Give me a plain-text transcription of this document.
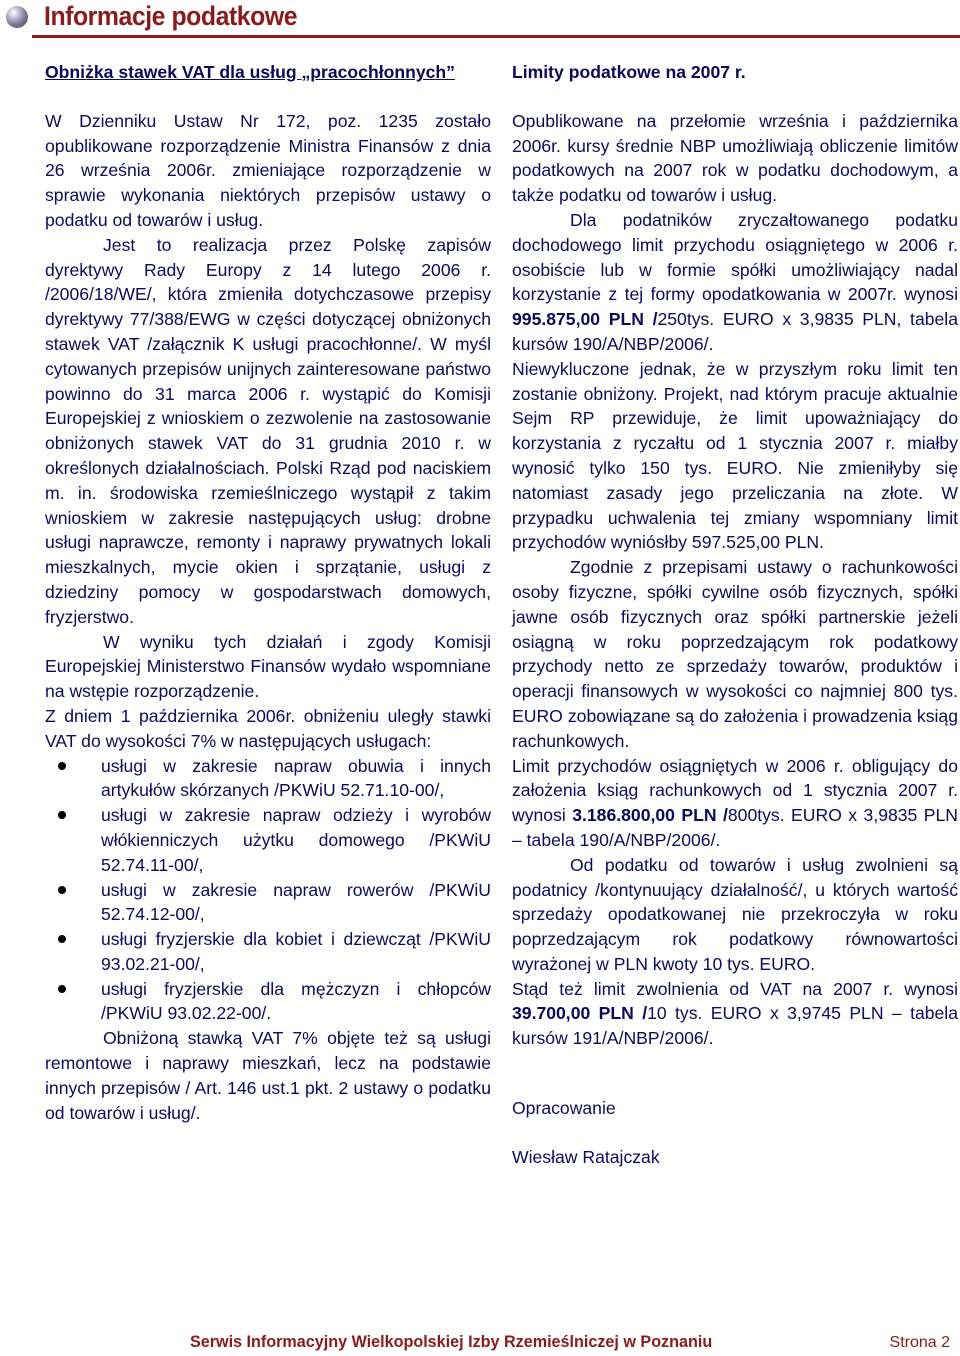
Informacje podatkowe
Obniżka stawek VAT dla usług „pracochłonnych”

W Dzienniku Ustaw Nr 172, poz. 1235 zostało opublikowane rozporządzenie Ministra Finansów z dnia 26 września 2006r. zmieniające rozporządzenie w sprawie wykonania niektórych przepisów ustawy o podatku od towarów i usług.

Jest to realizacja przez Polskę zapisów dyrektywy Rady Europy z 14 lutego 2006 r. /2006/18/WE/, która zmieniła dotychczasowe przepisy dyrektywy 77/388/EWG w części dotyczącej obniżonych stawek VAT /załącznik K usługi pracochłonne/. W myśl cytowanych przepisów unijnych zainteresowane państwo powinno do 31 marca 2006 r. wystąpić do Komisji Europejskiej z wnioskiem o zezwolenie na zastosowanie obniżonych stawek VAT do 31 grudnia 2010 r. w określonych działalnościach. Polski Rząd pod naciskiem m. in. środowiska rzemieślniczego wystąpił z takim wnioskiem w zakresie następujących usług: drobne usługi naprawcze, remonty i naprawy prywatnych lokali mieszkalnych, mycie okien i sprzątanie, usługi z dziedziny pomocy w gospodarstwach domowych, fryzjerstwo.

W wyniku tych działań i zgody Komisji Europejskiej Ministerstwo Finansów wydało wspomniane na wstępie rozporządzenie.

Z dniem 1 października 2006r. obniżeniu uległy stawki VAT do wysokości 7% w następujących usługach:

usługi w zakresie napraw obuwia i innych artykułów skórzanych /PKWiU 52.71.10-00/,
usługi w zakresie napraw odzieży i wyrobów włókienniczych użytku domowego /PKWiU 52.74.11-00/,
usługi w zakresie napraw rowerów /PKWiU 52.74.12-00/,
usługi fryzjerskie dla kobiet i dziewcząt /PKWiU 93.02.21-00/,
usługi fryzjerskie dla mężczyzn i chłopców /PKWiU 93.02.22-00/.

Obniżoną stawką VAT 7% objęte też są usługi remontowe i naprawy mieszkań, lecz na podstawie innych przepisów / Art. 146 ust.1 pkt. 2 ustawy o podatku od towarów i usług/.

Limity podatkowe na 2007 r.

Opublikowane na przełomie września i października 2006r. kursy średnie NBP umożliwiają obliczenie limitów podatkowych na 2007 rok w podatku dochodowym, a także podatku od towarów i usług.

Dla podatników zryczałtowanego podatku dochodowego limit przychodu osiągniętego w 2006 r. osobiście lub w formie spółki umożliwiający nadal korzystanie z tej formy opodatkowania w 2007r. wynosi 995.875,00 PLN /250tys. EURO x 3,9835 PLN, tabela kursów 190/A/NBP/2006/.

Niewykluczone jednak, że w przyszłym roku limit ten zostanie obniżony. Projekt, nad którym pracuje aktualnie Sejm RP przewiduje, że limit upoważniający do korzystania z ryczałtu od 1 stycznia 2007 r. miałby wynosić tylko 150 tys. EURO. Nie zmieniłyby się natomiast zasady jego przeliczania na złote. W przypadku uchwalenia tej zmiany wspomniany limit przychodów wyniósłby 597.525,00 PLN.

Zgodnie z przepisami ustawy o rachunkowości osoby fizyczne, spółki cywilne osób fizycznych, spółki jawne osób fizycznych oraz spółki partnerskie jeżeli osiągną w roku poprzedzającym rok podatkowy przychody netto ze sprzedaży towarów, produktów i operacji finansowych w wysokości co najmniej 800 tys. EURO zobowiązane są do założenia i prowadzenia ksiąg rachunkowych.

Limit przychodów osiągniętych w 2006 r. obligujący do założenia ksiąg rachunkowych od 1 stycznia 2007 r. wynosi 3.186.800,00 PLN /800tys. EURO x 3,9835 PLN – tabela 190/A/NBP/2006/.

Od podatku od towarów i usług zwolnieni są podatnicy /kontynuujący działalność/, u których wartość sprzedaży opodatkowanej nie przekroczyła w roku poprzedzającym rok podatkowy równowartości wyrażonej w PLN kwoty 10 tys. EURO.

Stąd też limit zwolnienia od VAT na 2007 r. wynosi 39.700,00 PLN /10 tys. EURO x 3,9745 PLN – tabela kursów 191/A/NBP/2006/.

Opracowanie

Wiesław Ratajczak

Serwis Informacyjny Wielkopolskiej Izby Rzemieślniczej w Poznaniu	Strona 2
